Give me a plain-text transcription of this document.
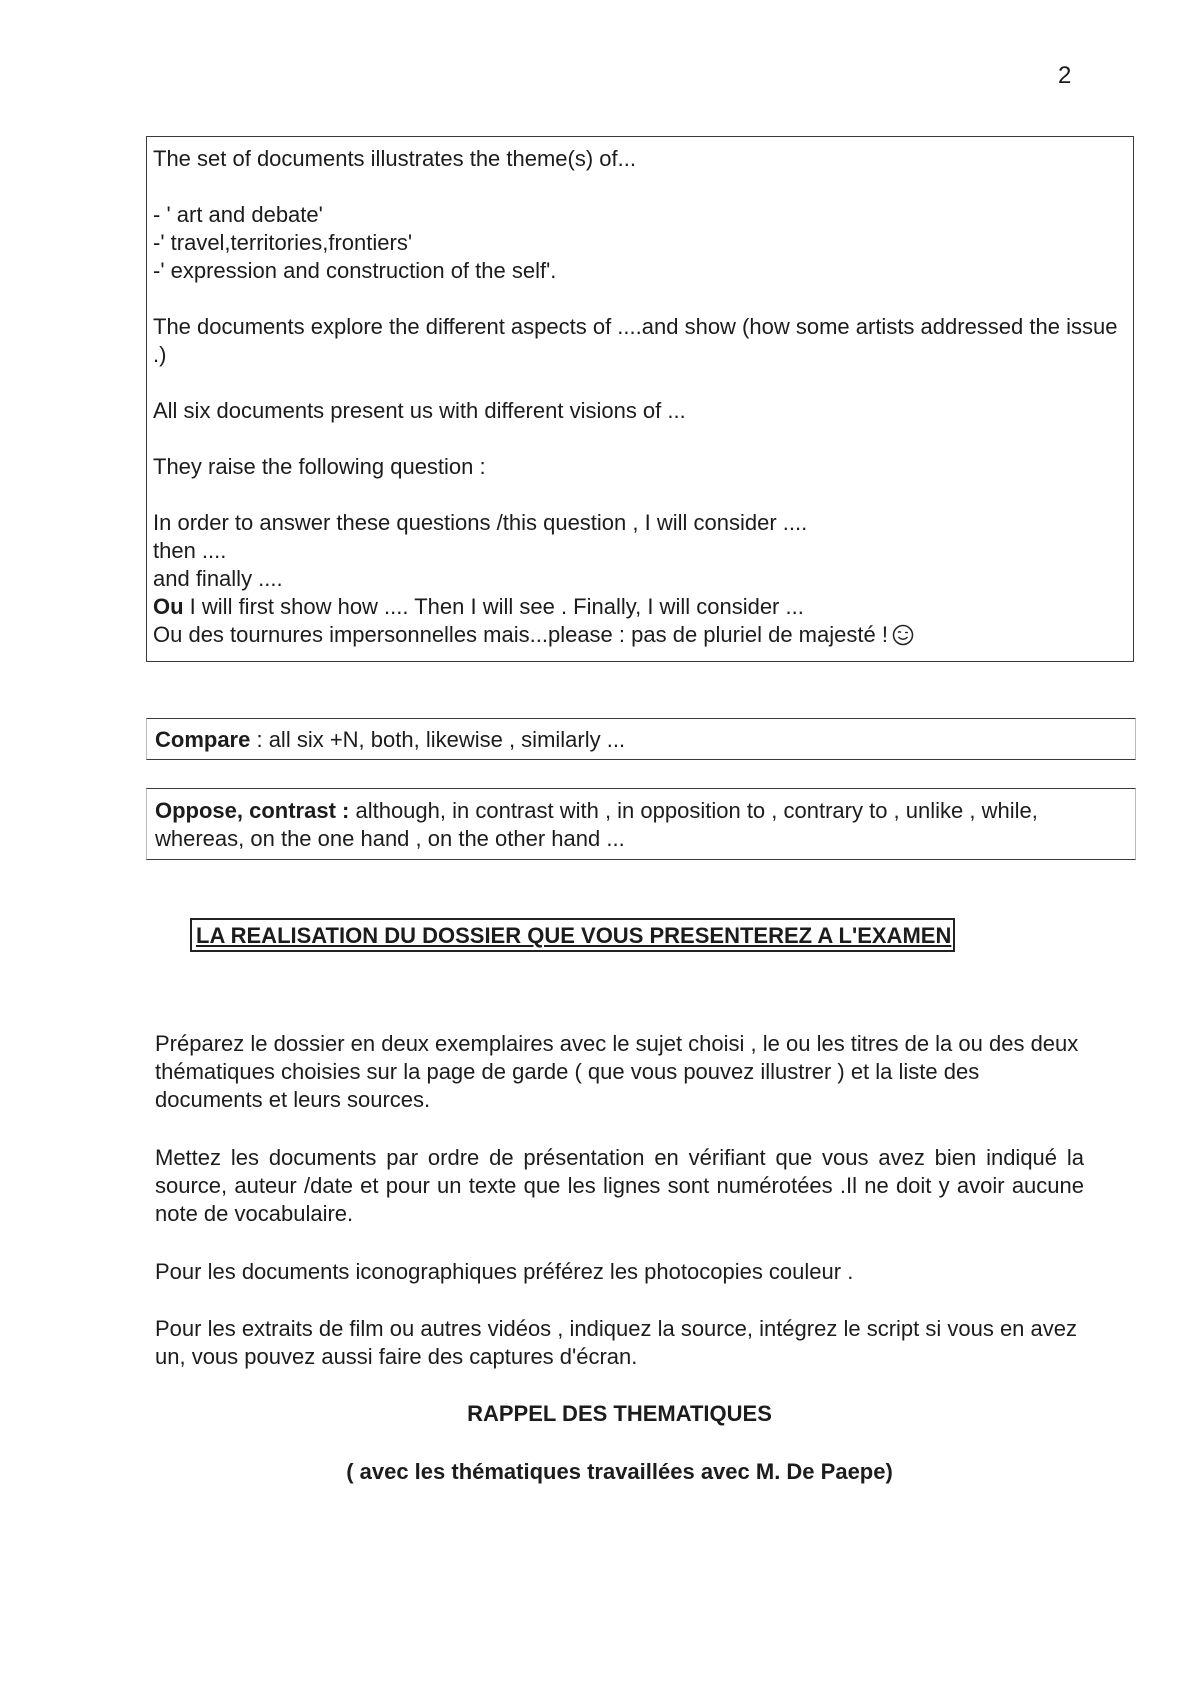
2

The set of documents illustrates the theme(s) of...

- ' art and debate'

-' travel,territories,frontiers'

-' expression and construction of the self'.

The documents explore the different aspects of ....and show (how some artists addressed the issue .)

All six documents present us with different visions of ...

They raise the following question :

In order to answer these questions /this question , I will consider ....

then ....

and finally ....

Ou I will first show how .... Then I will see . Finally, I will consider ...

Ou des tournures impersonnelles mais...please : pas de pluriel de majesté !

Compare : all six +N, both, likewise , similarly ...

Oppose, contrast : although, in contrast with , in opposition to , contrary to , unlike , while, whereas, on the one hand , on the other hand ...

LA REALISATION DU DOSSIER QUE VOUS PRESENTEREZ A L'EXAMEN

Préparez le dossier en deux exemplaires avec le sujet choisi , le ou les titres de la ou des deux thématiques choisies sur la page de garde ( que vous pouvez illustrer ) et la liste des documents et leurs sources.

Mettez les documents par ordre de présentation en vérifiant que vous avez bien indiqué la source, auteur /date et pour un texte que les lignes sont numérotées .Il ne doit y avoir aucune note de vocabulaire.

Pour les documents iconographiques préférez les photocopies couleur .

Pour les extraits de film ou autres vidéos , indiquez la source, intégrez le script si vous en avez un, vous pouvez aussi faire des captures d'écran.

RAPPEL DES THEMATIQUES

( avec les thématiques travaillées avec M. De Paepe)
